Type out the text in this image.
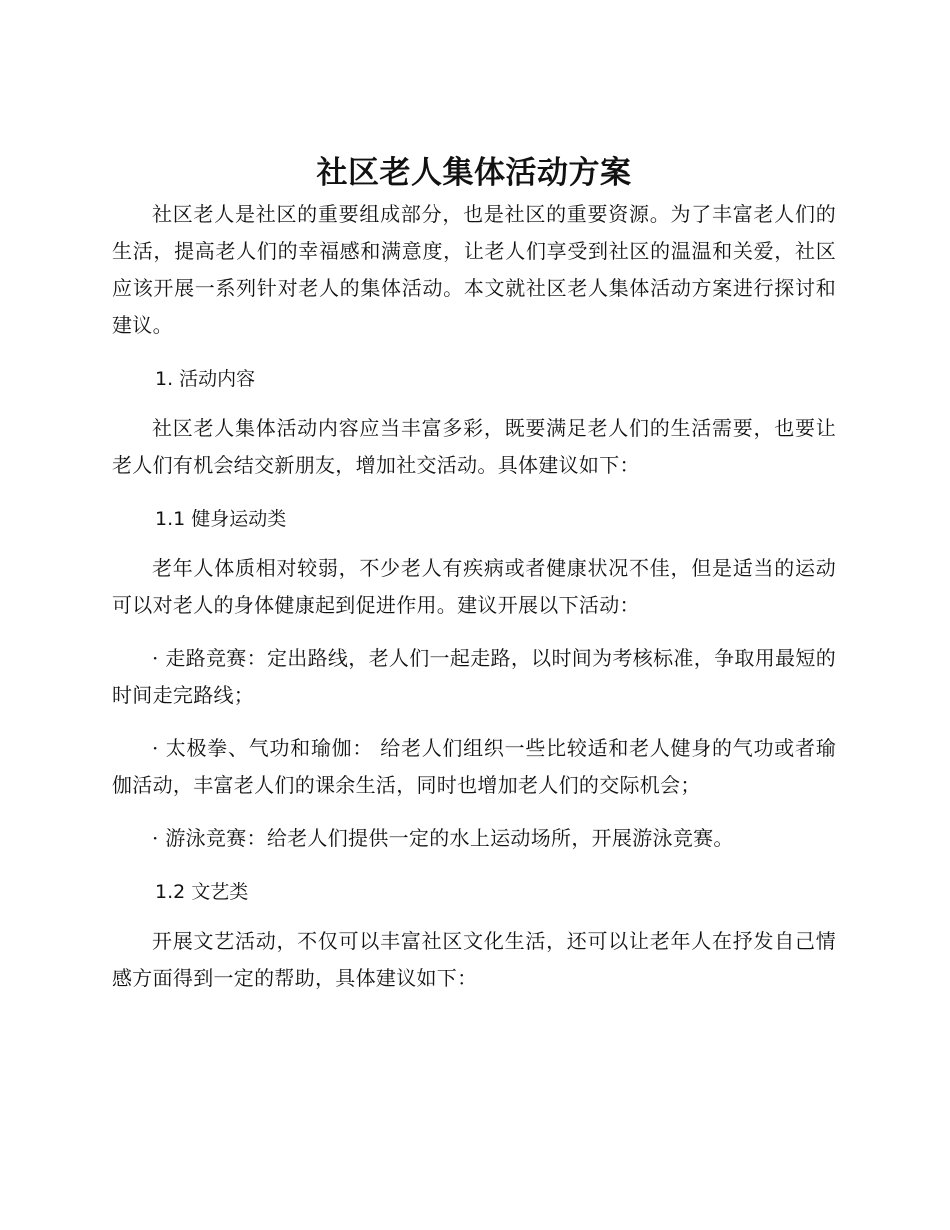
社区老人集体活动方案

社区老人是社区的重要组成部分，也是社区的重要资源。为了丰富老人们的生活，提高老人们的幸福感和满意度，让老人们享受到社区的温温和关爱，社区应该开展一系列针对老人的集体活动。本文就社区老人集体活动方案进行探讨和建议。

1. 活动内容

社区老人集体活动内容应当丰富多彩，既要满足老人们的生活需要，也要让老人们有机会结交新朋友，增加社交活动。具体建议如下：

1.1 健身运动类

老年人体质相对较弱，不少老人有疾病或者健康状况不佳，但是适当的运动可以对老人的身体健康起到促进作用。建议开展以下活动：

· 走路竞赛：定出路线，老人们一起走路，以时间为考核标准，争取用最短的时间走完路线；

· 太极拳、气功和瑜伽： 给老人们组织一些比较适和老人健身的气功或者瑜伽活动，丰富老人们的课余生活，同时也增加老人们的交际机会；

· 游泳竞赛：给老人们提供一定的水上运动场所，开展游泳竞赛。

1.2 文艺类

开展文艺活动，不仅可以丰富社区文化生活，还可以让老年人在抒发自己情感方面得到一定的帮助，具体建议如下：
